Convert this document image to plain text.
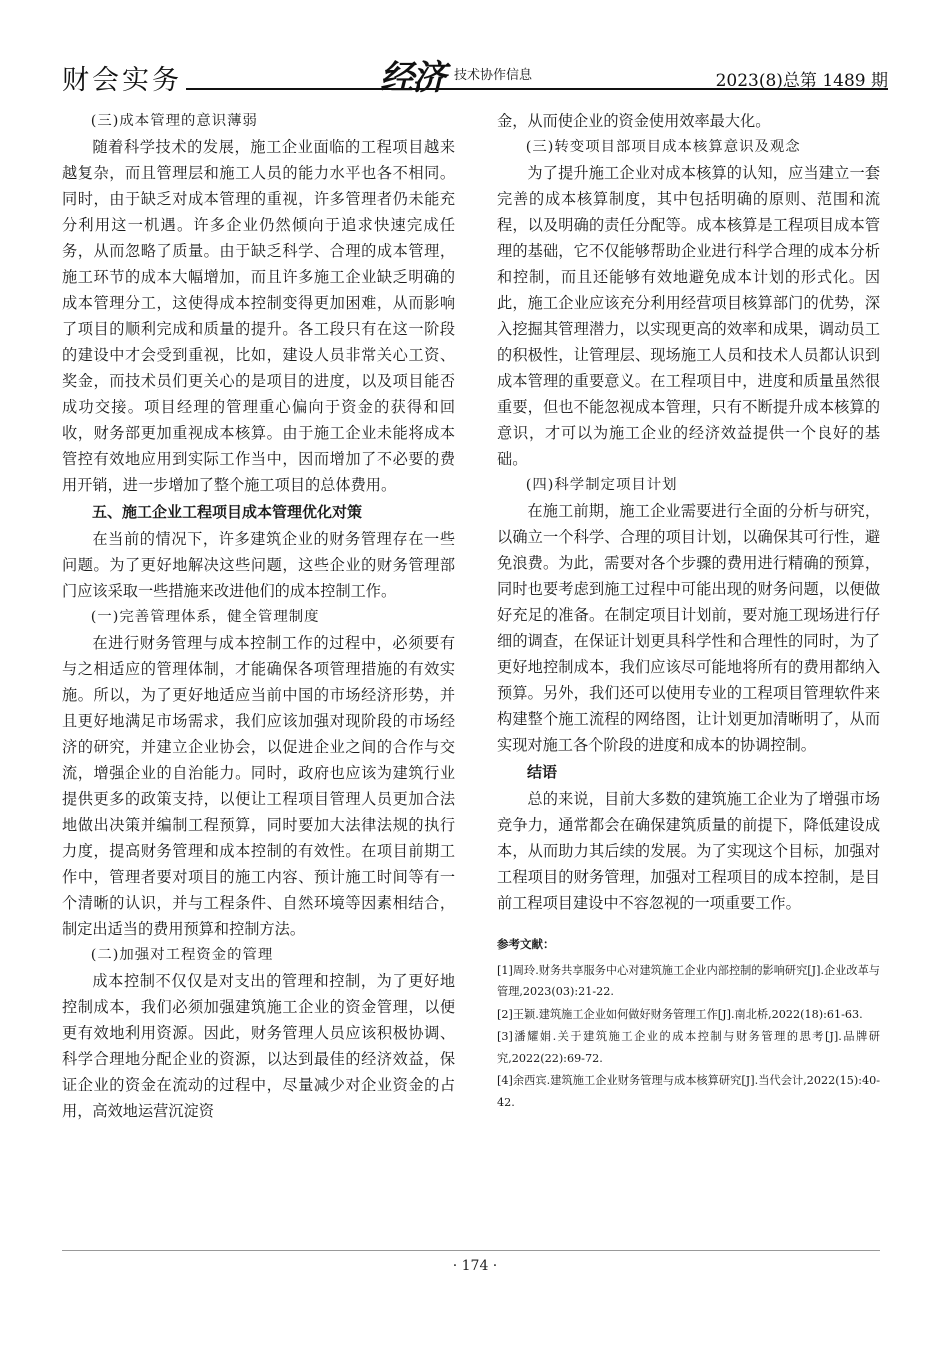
财会实务	经济 技术协作信息	2023(8)总第 1489 期
(三)成本管理的意识薄弱

随着科学技术的发展，施工企业面临的工程项目越来越复杂，而且管理层和施工人员的能力水平也各不相同。同时，由于缺乏对成本管理的重视，许多管理者仍未能充分利用这一机遇。许多企业仍然倾向于追求快速完成任务，从而忽略了质量。由于缺乏科学、合理的成本管理，施工环节的成本大幅增加，而且许多施工企业缺乏明确的成本管理分工，这使得成本控制变得更加困难，从而影响了项目的顺利完成和质量的提升。各工段只有在这一阶段的建设中才会受到重视，比如，建设人员非常关心工资、奖金，而技术员们更关心的是项目的进度，以及项目能否成功交接。项目经理的管理重心偏向于资金的获得和回收，财务部更加重视成本核算。由于施工企业未能将成本管控有效地应用到实际工作当中，因而增加了不必要的费用开销，进一步增加了整个施工项目的总体费用。

五、施工企业工程项目成本管理优化对策

在当前的情况下，许多建筑企业的财务管理存在一些问题。为了更好地解决这些问题，这些企业的财务管理部门应该采取一些措施来改进他们的成本控制工作。

(一)完善管理体系，健全管理制度

在进行财务管理与成本控制工作的过程中，必须要有与之相适应的管理体制，才能确保各项管理措施的有效实施。所以，为了更好地适应当前中国的市场经济形势，并且更好地满足市场需求，我们应该加强对现阶段的市场经济的研究，并建立企业协会，以促进企业之间的合作与交流，增强企业的自治能力。同时，政府也应该为建筑行业提供更多的政策支持，以便让工程项目管理人员更加合法地做出决策并编制工程预算，同时要加大法律法规的执行力度，提高财务管理和成本控制的有效性。在项目前期工作中，管理者要对项目的施工内容、预计施工时间等有一个清晰的认识，并与工程条件、自然环境等因素相结合，制定出适当的费用预算和控制方法。

(二)加强对工程资金的管理

成本控制不仅仅是对支出的管理和控制，为了更好地控制成本，我们必须加强建筑施工企业的资金管理，以便更有效地利用资源。因此，财务管理人员应该积极协调、科学合理地分配企业的资源，以达到最佳的经济效益，保证企业的资金在流动的过程中，尽量减少对企业资金的占用，高效地运营沉淀资

金，从而使企业的资金使用效率最大化。

(三)转变项目部项目成本核算意识及观念

为了提升施工企业对成本核算的认知，应当建立一套完善的成本核算制度，其中包括明确的原则、范围和流程，以及明确的责任分配等。成本核算是工程项目成本管理的基础，它不仅能够帮助企业进行科学合理的成本分析和控制，而且还能够有效地避免成本计划的形式化。因此，施工企业应该充分利用经营项目核算部门的优势，深入挖掘其管理潜力，以实现更高的效率和成果，调动员工的积极性，让管理层、现场施工人员和技术人员都认识到成本管理的重要意义。在工程项目中，进度和质量虽然很重要，但也不能忽视成本管理，只有不断提升成本核算的意识，才可以为施工企业的经济效益提供一个良好的基础。

(四)科学制定项目计划

在施工前期，施工企业需要进行全面的分析与研究，以确立一个科学、合理的项目计划，以确保其可行性，避免浪费。为此，需要对各个步骤的费用进行精确的预算，同时也要考虑到施工过程中可能出现的财务问题，以便做好充足的准备。在制定项目计划前，要对施工现场进行仔细的调查，在保证计划更具科学性和合理性的同时，为了更好地控制成本，我们应该尽可能地将所有的费用都纳入预算。另外，我们还可以使用专业的工程项目管理软件来构建整个施工流程的网络图，让计划更加清晰明了，从而实现对施工各个阶段的进度和成本的协调控制。

结语

总的来说，目前大多数的建筑施工企业为了增强市场竞争力，通常都会在确保建筑质量的前提下，降低建设成本，从而助力其后续的发展。为了实现这个目标，加强对工程项目的财务管理，加强对工程项目的成本控制，是目前工程项目建设中不容忽视的一项重要工作。

参考文献：
[1]周玲.财务共享服务中心对建筑施工企业内部控制的影响研究[J].企业改革与管理,2023(03):21-22.
[2]王颖.建筑施工企业如何做好财务管理工作[J].南北桥,2022(18):61-63.
[3]潘耀娟.关于建筑施工企业的成本控制与财务管理的思考[J].品牌研究,2022(22):69-72.
[4]余西宾.建筑施工企业财务管理与成本核算研究[J].当代会计,2022(15):40-42.
· 174 ·
